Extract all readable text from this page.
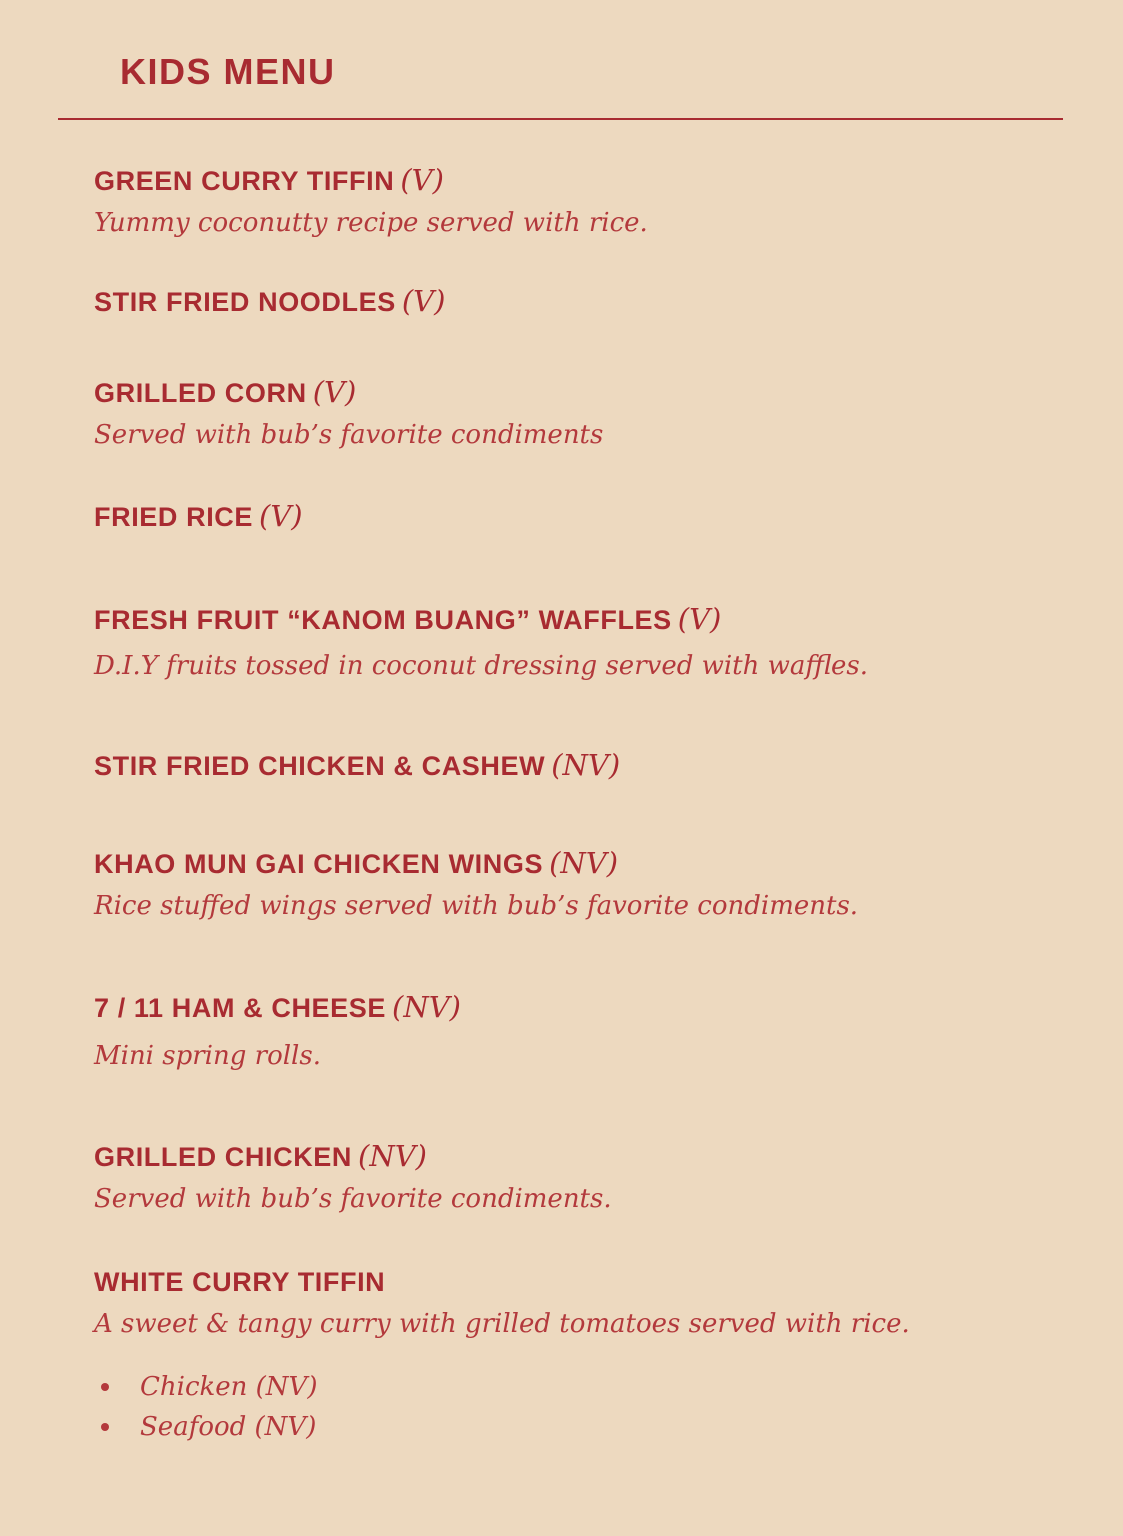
KIDS MENU
GREEN CURRY TIFFIN (V)
Yummy coconutty recipe served with rice.
STIR FRIED NOODLES (V)
GRILLED CORN (V)
Served with bub’s favorite condiments
FRIED RICE (V)
FRESH FRUIT “KANOM BUANG” WAFFLES (V)
D.I.Y fruits tossed in coconut dressing served with waffles.
STIR FRIED CHICKEN & CASHEW (NV)
KHAO MUN GAI CHICKEN WINGS (NV)
Rice stuffed wings served with bub’s favorite condiments.
7 / 11 HAM & CHEESE (NV)
Mini spring rolls.
GRILLED CHICKEN (NV)
Served with bub’s favorite condiments.
WHITE CURRY TIFFIN
A sweet & tangy curry with grilled tomatoes served with rice.
Chicken (NV)
Seafood (NV)
